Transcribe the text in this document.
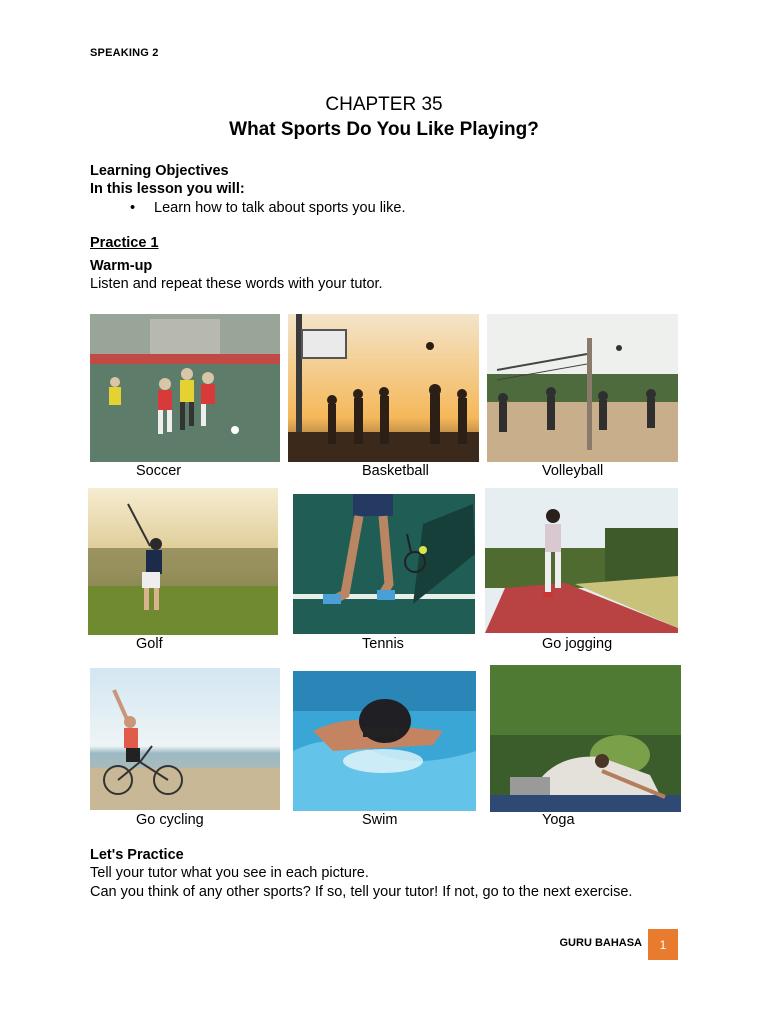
SPEAKING 2
CHAPTER 35
What Sports Do You Like Playing?
Learning Objectives
In this lesson you will:
• Learn how to talk about sports you like.
Practice 1
Warm-up
Listen and repeat these words with your tutor.
Soccer	Basketball	Volleyball
Golf	Tennis	Go jogging
Go cycling	Swim	Yoga
Let's Practice
Tell your tutor what you see in each picture.
Can you think of any other sports? If so, tell your tutor! If not, go to the next exercise.
GURU BAHASA	1
